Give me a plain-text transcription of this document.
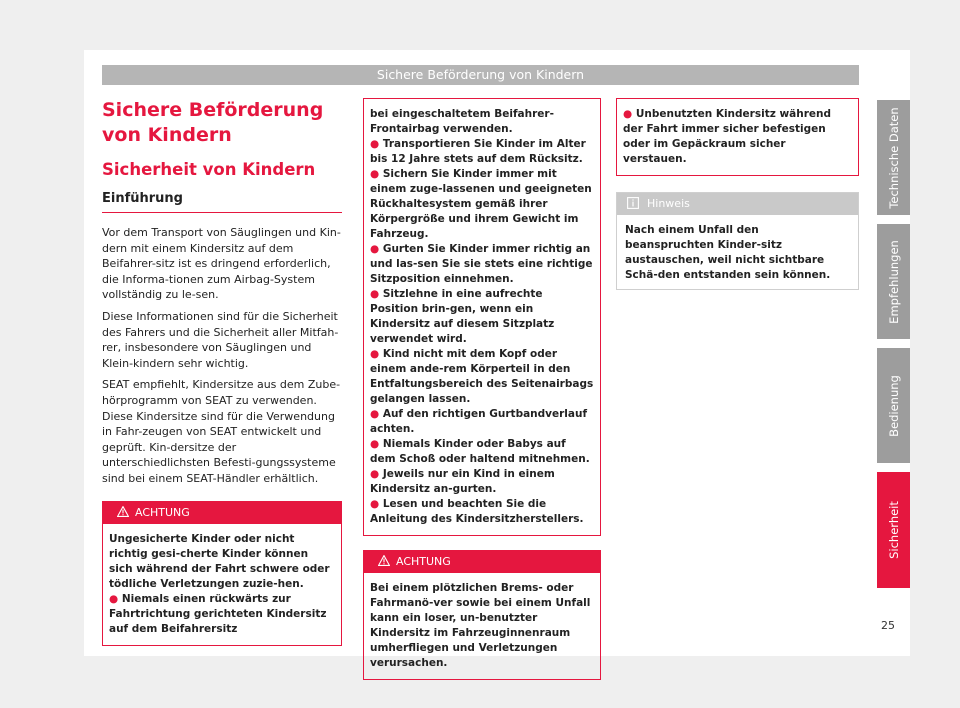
Sichere Beförderung von Kindern
Sichere Beförderung von Kindern
Sicherheit von Kindern
Einführung

Vor dem Transport von Säuglingen und Kin-dern mit einem Kindersitz auf dem Beifahrer-sitz ist es dringend erforderlich, die Informa-tionen zum Airbag-System vollständig zu le-sen.

Diese Informationen sind für die Sicherheit des Fahrers und die Sicherheit aller Mitfah-rer, insbesondere von Säuglingen und Klein-kindern sehr wichtig.

SEAT empfiehlt, Kindersitze aus dem Zube-hörprogramm von SEAT zu verwenden. Diese Kindersitze sind für die Verwendung in Fahr-zeugen von SEAT entwickelt und geprüft. Kin-dersitze der unterschiedlichsten Befesti-gungssysteme sind bei einem SEAT-Händler erhältlich.

ACHTUNG

Ungesicherte Kinder oder nicht richtig gesi-cherte Kinder können sich während der Fahrt schwere oder tödliche Verletzungen zuzie-hen.

● Niemals einen rückwärts zur Fahrtrichtung gerichteten Kindersitz auf dem Beifahrersitz

bei eingeschaltetem Beifahrer-Frontairbag verwenden.

● Transportieren Sie Kinder im Alter bis 12 Jahre stets auf dem Rücksitz.

● Sichern Sie Kinder immer mit einem zuge-lassenen und geeigneten Rückhaltesystem gemäß ihrer Körpergröße und ihrem Gewicht im Fahrzeug.

● Gurten Sie Kinder immer richtig an und las-sen Sie sie stets eine richtige Sitzposition einnehmen.

● Sitzlehne in eine aufrechte Position brin-gen, wenn ein Kindersitz auf diesem Sitzplatz verwendet wird.

● Kind nicht mit dem Kopf oder einem ande-rem Körperteil in den Entfaltungsbereich des Seitenairbags gelangen lassen.

● Auf den richtigen Gurtbandverlauf achten.

● Niemals Kinder oder Babys auf dem Schoß oder haltend mitnehmen.

● Jeweils nur ein Kind in einem Kindersitz an-gurten.

● Lesen und beachten Sie die Anleitung des Kindersitzherstellers.

ACHTUNG

Bei einem plötzlichen Brems- oder Fahrmanö-ver sowie bei einem Unfall kann ein loser, un-benutzter Kindersitz im Fahrzeuginnenraum umherfliegen und Verletzungen verursachen.

● Unbenutzten Kindersitz während der Fahrt immer sicher befestigen oder im Gepäckraum sicher verstauen.

Hinweis
Nach einem Unfall den beanspruchten Kinder-sitz austauschen, weil nicht sichtbare Schä-den entstanden sein können.
Technische Daten
Empfehlungen
Bedienung
Sicherheit
25
